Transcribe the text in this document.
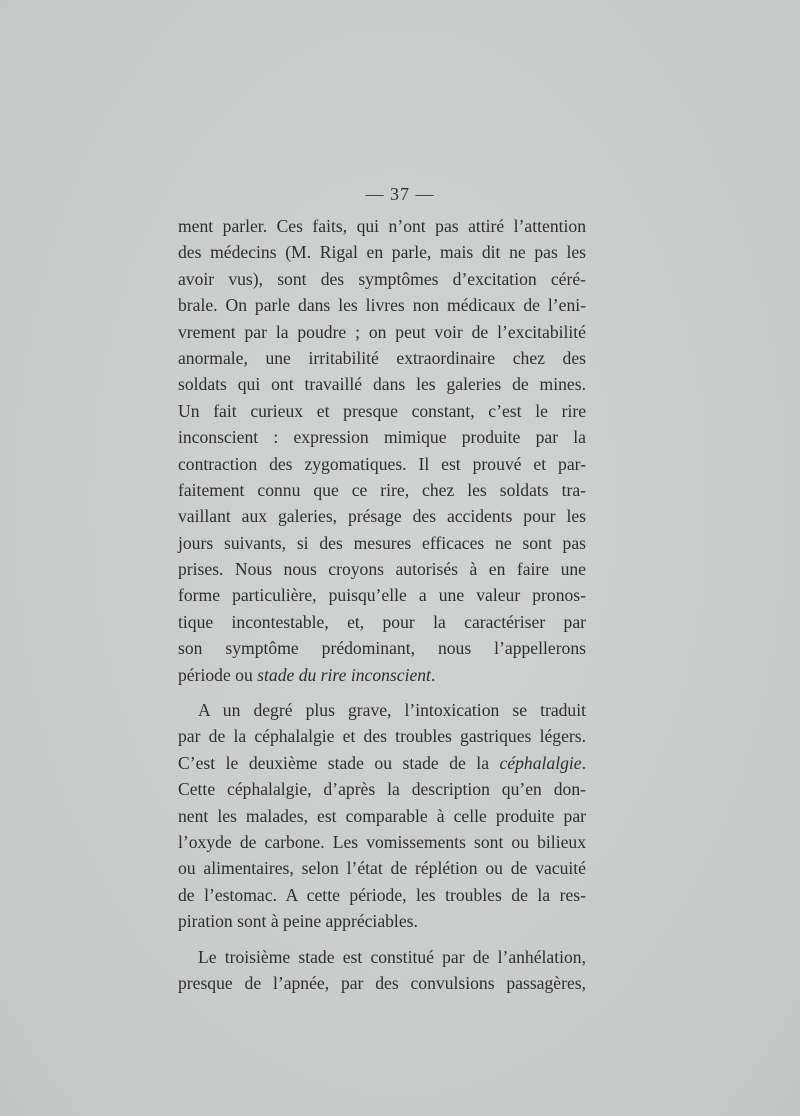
— 37 —
ment parler. Ces faits, qui n’ont pas attiré l’attention
des médecins (M. Rigal en parle, mais dit ne pas les
avoir vus), sont des symptômes d’excitation céré-
brale. On parle dans les livres non médicaux de l’eni-
vrement par la poudre ; on peut voir de l’excitabilité
anormale, une irritabilité extraordinaire chez des
soldats qui ont travaillé dans les galeries de mines.
Un fait curieux et presque constant, c’est le rire
inconscient : expression mimique produite par la
contraction des zygomatiques. Il est prouvé et par-
faitement connu que ce rire, chez les soldats tra-
vaillant aux galeries, présage des accidents pour les
jours suivants, si des mesures efficaces ne sont pas
prises. Nous nous croyons autorisés à en faire une
forme particulière, puisqu’elle a une valeur pronos-
tique incontestable, et, pour la caractériser par
son symptôme prédominant, nous l’appellerons
période ou stade du rire inconscient.
A un degré plus grave, l’intoxication se traduit
par de la céphalalgie et des troubles gastriques légers.
C’est le deuxième stade ou stade de la céphalalgie.
Cette céphalalgie, d’après la description qu’en don-
nent les malades, est comparable à celle produite par
l’oxyde de carbone. Les vomissements sont ou bilieux
ou alimentaires, selon l’état de réplétion ou de vacuité
de l’estomac. A cette période, les troubles de la res-
piration sont à peine appréciables.
Le troisième stade est constitué par de l’anhélation,
presque de l’apnée, par des convulsions passagères,
